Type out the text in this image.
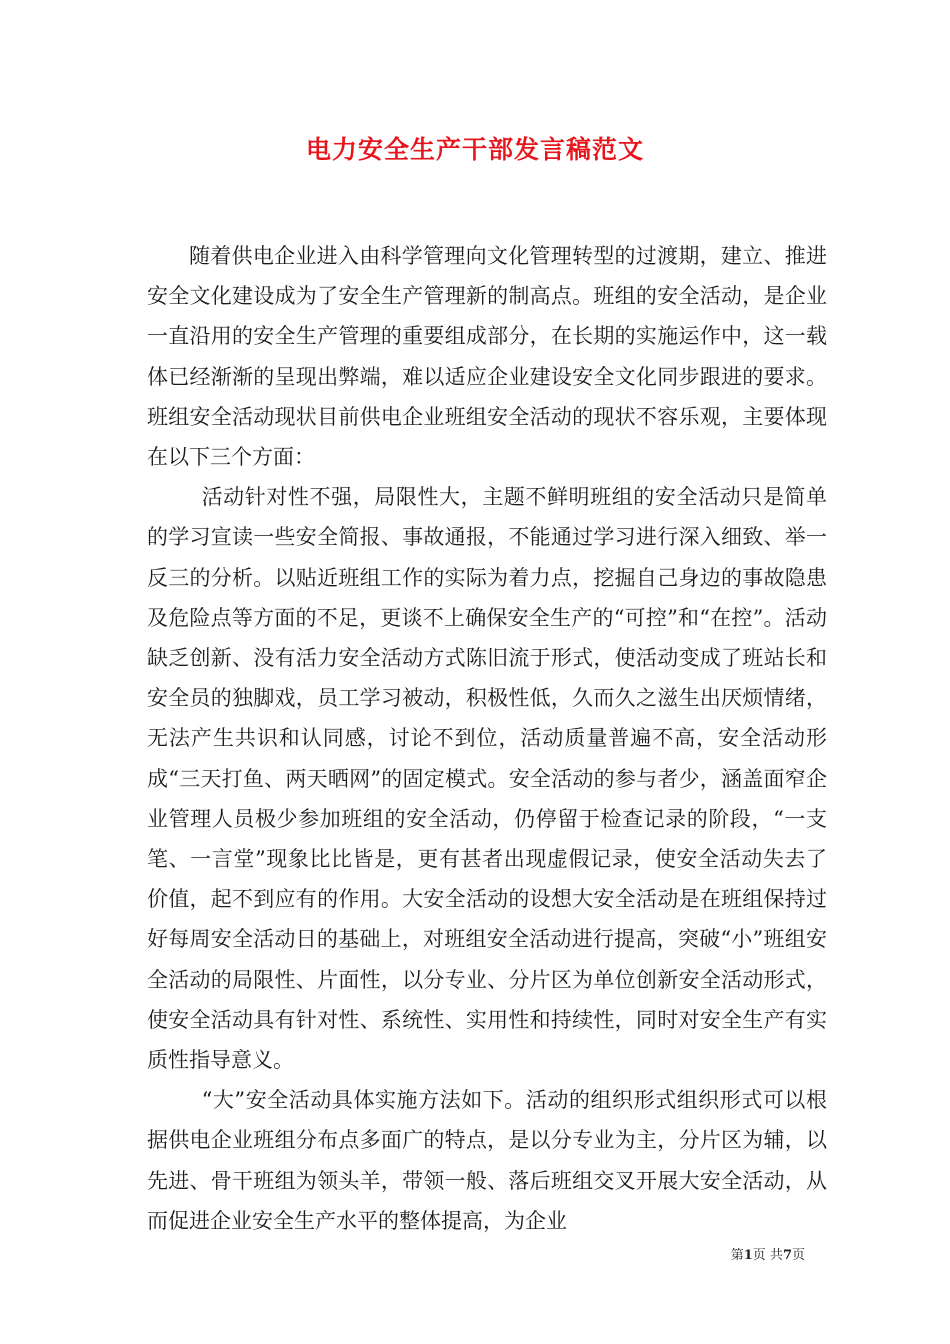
电力安全生产干部发言稿范文

随着供电企业进入由科学管理向文化管理转型的过渡期，建立、推进安全文化建设成为了安全生产管理新的制高点。班组的安全活动，是企业一直沿用的安全生产管理的重要组成部分，在长期的实施运作中，这一载体已经渐渐的呈现出弊端，难以适应企业建设安全文化同步跟进的要求。班组安全活动现状目前供电企业班组安全活动的现状不容乐观，主要体现在以下三个方面：

活动针对性不强，局限性大，主题不鲜明班组的安全活动只是简单的学习宣读一些安全简报、事故通报，不能通过学习进行深入细致、举一反三的分析。以贴近班组工作的实际为着力点，挖掘自己身边的事故隐患及危险点等方面的不足，更谈不上确保安全生产的“可控”和“在控”。活动缺乏创新、没有活力安全活动方式陈旧流于形式，使活动变成了班站长和安全员的独脚戏，员工学习被动，积极性低，久而久之滋生出厌烦情绪，无法产生共识和认同感，讨论不到位，活动质量普遍不高，安全活动形成“三天打鱼、两天晒网”的固定模式。安全活动的参与者少，涵盖面窄企业管理人员极少参加班组的安全活动，仍停留于检查记录的阶段，“一支笔、一言堂”现象比比皆是，更有甚者出现虚假记录，使安全活动失去了价值，起不到应有的作用。大安全活动的设想大安全活动是在班组保持过好每周安全活动日的基础上，对班组安全活动进行提高，突破“小”班组安全活动的局限性、片面性，以分专业、分片区为单位创新安全活动形式，使安全活动具有针对性、系统性、实用性和持续性，同时对安全生产有实质性指导意义。

“大”安全活动具体实施方法如下。活动的组织形式组织形式可以根据供电企业班组分布点多面广的特点，是以分专业为主，分片区为辅，以先进、骨干班组为领头羊，带领一般、落后班组交叉开展大安全活动，从而促进企业安全生产水平的整体提高，为企业

第1页 共7页
